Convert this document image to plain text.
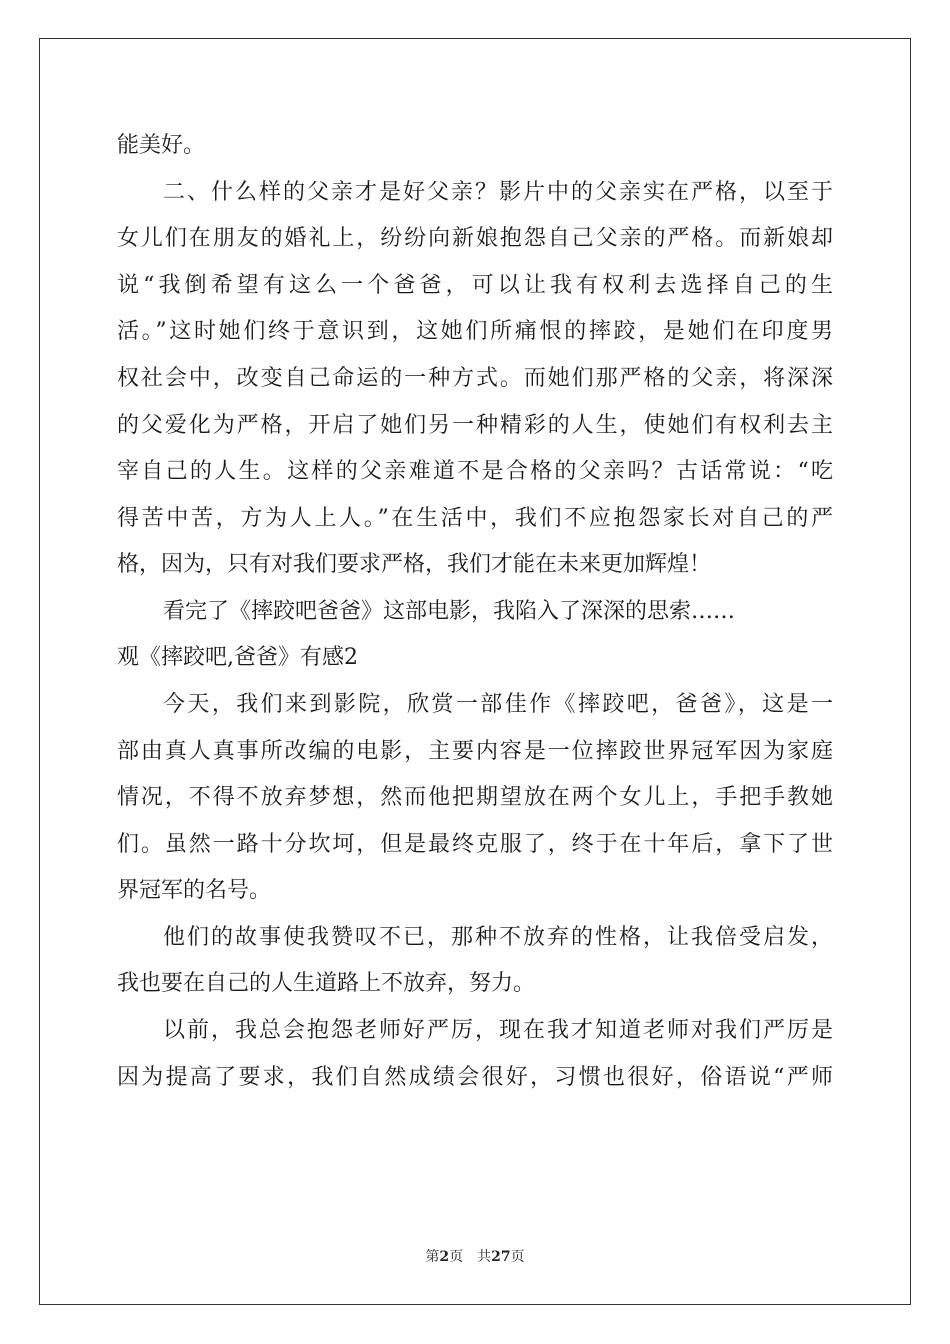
能美好。
二、什么样的父亲才是好父亲？影片中的父亲实在严格，以至于
女儿们在朋友的婚礼上，纷纷向新娘抱怨自己父亲的严格。而新娘却
说“我倒希望有这么一个爸爸，可以让我有权利去选择自己的生
活。”这时她们终于意识到，这她们所痛恨的摔跤，是她们在印度男
权社会中，改变自己命运的一种方式。而她们那严格的父亲，将深深
的父爱化为严格，开启了她们另一种精彩的人生，使她们有权利去主
宰自己的人生。这样的父亲难道不是合格的父亲吗？古话常说：“吃
得苦中苦，方为人上人。”在生活中，我们不应抱怨家长对自己的严
格，因为，只有对我们要求严格，我们才能在未来更加辉煌！
看完了《摔跤吧爸爸》这部电影，我陷入了深深的思索……
观《摔跤吧,爸爸》有感2
今天，我们来到影院，欣赏一部佳作《摔跤吧，爸爸》，这是一
部由真人真事所改编的电影，主要内容是一位摔跤世界冠军因为家庭
情况，不得不放弃梦想，然而他把期望放在两个女儿上，手把手教她
们。虽然一路十分坎坷，但是最终克服了，终于在十年后，拿下了世
界冠军的名号。
他们的故事使我赞叹不已，那种不放弃的性格，让我倍受启发，
我也要在自己的人生道路上不放弃，努力。
以前，我总会抱怨老师好严厉，现在我才知道老师对我们严厉是
因为提高了要求，我们自然成绩会很好，习惯也很好，俗语说“严师
第2页　共27页
